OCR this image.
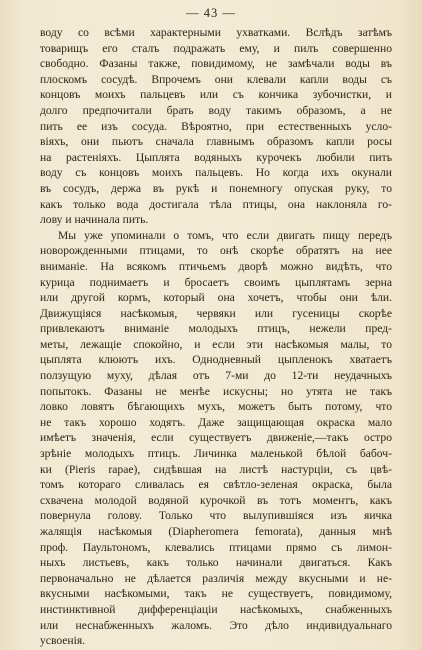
— 43 —
воду со всѣми характерными ухватками. Вслѣдъ затѣмъ
товарищъ его сталъ подражать ему, и пилъ совершенно
свободно. Фазаны также, повидимому, не замѣчали воды въ
плоскомъ сосудѣ. Впрочемъ они клевали капли воды съ
концовъ моихъ пальцевъ или съ кончика зубочистки, и
долго предпочитали брать воду такимъ образомъ, а не
пить ее изъ сосуда. Вѣроятно, при естественныхъ усло-
віяхъ, они пьютъ сначала главнымъ образомъ капли росы
на растеніяхъ. Цыплята водяныхъ курочекъ любили пить
воду съ концовъ моихъ пальцевъ. Но когда ихъ окунали
въ сосудъ, держа въ рукѣ и понемногу опуская руку, то
какъ только вода достигала тѣла птицы, она наклоняла го-
лову и начинала пить.
Мы уже упоминали о томъ, что если двигать пищу передъ
новорожденными птицами, то онѣ скорѣе обратятъ на нее
вниманіе. На всякомъ птичьемъ дворѣ можно видѣть, что
курица поднимаетъ и бросаетъ своимъ цыплятамъ зерна
или другой кормъ, который она хочетъ, чтобы они ѣли.
Движущіяся насѣкомыя, червяки или гусеницы скорѣе
привлекаютъ вниманіе молодыхъ птицъ, нежели пред-
меты, лежащіе спокойно, и если эти насѣкомыя малы, то
цыплята клюютъ ихъ. Однодневный цыпленокъ хватаетъ
ползущую муху, дѣлая отъ 7-ми до 12-ти неудачныхъ
попытокъ. Фазаны не менѣе искусны; но утята не такъ
ловко ловятъ бѣгающихъ мухъ, можетъ быть потому, что
не такъ хорошо ходятъ. Даже защищающая окраска мало
имѣетъ значенія, если существуетъ движеніе,—такъ остро
зрѣніе молодыхъ птицъ. Личинка маленькой бѣлой бабоч-
ки (Pieris rapae), сидѣвшая на листѣ настурціи, съ цвѣ-
томъ котораго сливалась ея свѣтло-зеленая окраска, была
схвачена молодой водяной курочкой въ тотъ моментъ, какъ
повернула голову. Только что вылупившіяся изъ яичка
жалящія насѣкомыя (Diapheromera femorata), данныя мнѣ
проф. Паультономъ, клевались птицами прямо съ лимон-
ныхъ листьевъ, какъ только начинали двигаться. Какъ
первоначально не дѣлается различія между вкусными и не-
вкусными насѣкомыми, такъ не существуетъ, повидимому,
инстинктивной дифференціаціи насѣкомыхъ, снабженныхъ
или неснабженныхъ жаломъ. Это дѣло индивидуальнаго
усвоенія.
